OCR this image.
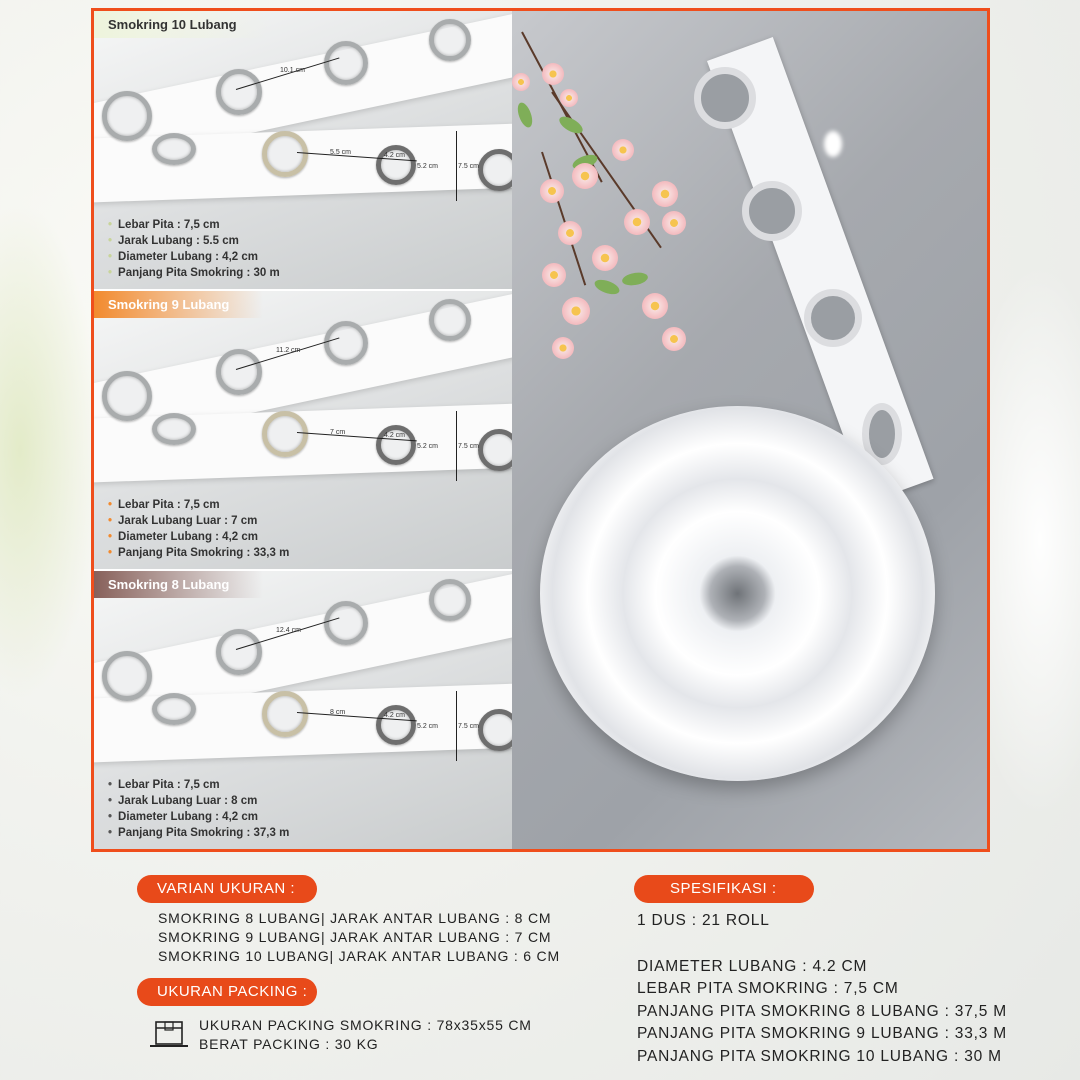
10.1 cm
5.5 cm	4.2 cm
5.2 cm	7.5 cm
Smokring 10 Lubang
• Lebar Pita : 7,5 cm
• Jarak Lubang : 5.5 cm
• Diameter Lubang : 4,2 cm
• Panjang Pita Smokring : 30 m
11.2 cm
7 cm	4.2 cm
5.2 cm	7.5 cm
Smokring 9 Lubang
• Lebar Pita : 7,5 cm
• Jarak Lubang Luar : 7 cm
• Diameter Lubang : 4,2 cm
• Panjang Pita Smokring : 33,3 m
12.4 cm
8 cm	4.2 cm
5.2 cm	7.5 cm
Smokring 8 Lubang
• Lebar Pita : 7,5 cm
• Jarak Lubang Luar : 8 cm
• Diameter Lubang : 4,2 cm
• Panjang Pita Smokring : 37,3 m
VARIAN UKURAN :
SMOKRING 8 LUBANG| JARAK ANTAR LUBANG : 8 CM
SMOKRING 9 LUBANG| JARAK ANTAR LUBANG : 7 CM
SMOKRING 10 LUBANG| JARAK ANTAR LUBANG : 6 CM
UKURAN PACKING :
UKURAN PACKING SMOKRING : 78x35x55 CM
BERAT PACKING : 30 KG
SPESIFIKASI :
1 DUS : 21 ROLL
DIAMETER LUBANG : 4.2 CM
LEBAR PITA SMOKRING : 7,5 CM
PANJANG PITA SMOKRING 8 LUBANG : 37,5 M
PANJANG PITA SMOKRING 9 LUBANG : 33,3 M
PANJANG PITA SMOKRING 10 LUBANG : 30 M
